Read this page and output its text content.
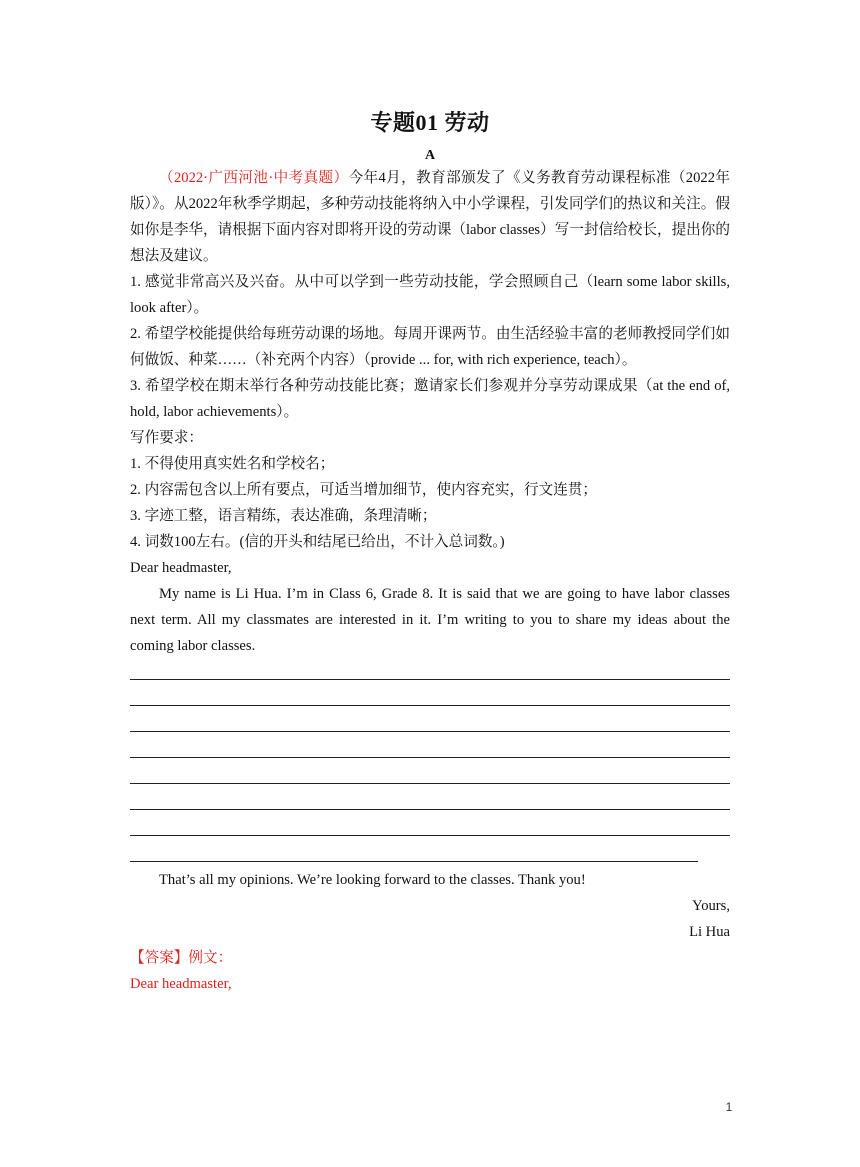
专题01 劳动
A

（2022·广西河池·中考真题）今年4月，教育部颁发了《义务教育劳动课程标准（2022年版）》。从2022年秋季学期起，多种劳动技能将纳入中小学课程，引发同学们的热议和关注。假如你是李华，请根据下面内容对即将开设的劳动课（labor classes）写一封信给校长，提出你的想法及建议。

1. 感觉非常高兴及兴奋。从中可以学到一些劳动技能，学会照顾自己（learn some labor skills, look after）。

2. 希望学校能提供给每班劳动课的场地。每周开课两节。由生活经验丰富的老师教授同学们如何做饭、种菜……（补充两个内容）（provide ... for, with rich experience, teach）。

3. 希望学校在期末举行各种劳动技能比赛；邀请家长们参观并分享劳动课成果（at the end of, hold, labor achievements）。

写作要求：

1. 不得使用真实姓名和学校名；

2. 内容需包含以上所有要点，可适当增加细节，使内容充实，行文连贯；

3. 字迹工整，语言精练，表达准确，条理清晰；

4. 词数100左右。(信的开头和结尾已给出，不计入总词数。)

Dear headmaster,

My name is Li Hua. I’m in Class 6, Grade 8. It is said that we are going to have labor classes next term. All my classmates are interested in it. I’m writing to you to share my ideas about the coming labor classes.

That’s all my opinions. We’re looking forward to the classes. Thank you!

Yours,

Li Hua

【答案】例文：

Dear headmaster,

1
